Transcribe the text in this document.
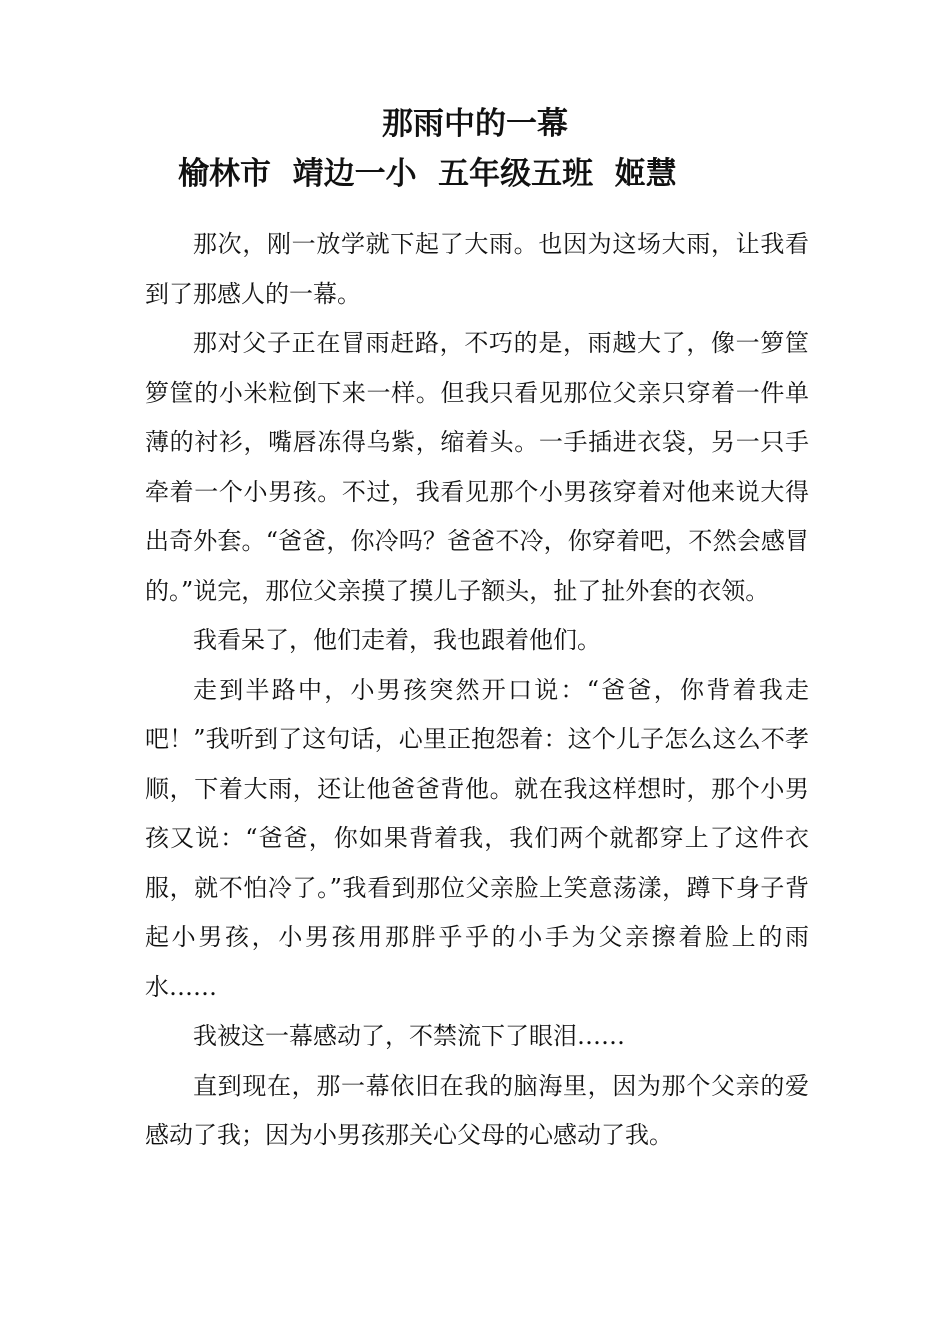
那雨中的一幕
榆林市  靖边一小  五年级五班  姬慧

那次，刚一放学就下起了大雨。也因为这场大雨，让我看到了那感人的一幕。

那对父子正在冒雨赶路，不巧的是，雨越大了，像一箩筐箩筐的小米粒倒下来一样。但我只看见那位父亲只穿着一件单薄的衬衫，嘴唇冻得乌紫，缩着头。一手插进衣袋，另一只手牵着一个小男孩。不过，我看见那个小男孩穿着对他来说大得出奇外套。“爸爸，你冷吗？爸爸不冷，你穿着吧，不然会感冒的。”说完，那位父亲摸了摸儿子额头，扯了扯外套的衣领。

我看呆了，他们走着，我也跟着他们。

走到半路中，小男孩突然开口说：“爸爸，你背着我走吧！”我听到了这句话，心里正抱怨着：这个儿子怎么这么不孝顺，下着大雨，还让他爸爸背他。就在我这样想时，那个小男孩又说：“爸爸，你如果背着我，我们两个就都穿上了这件衣服，就不怕冷了。”我看到那位父亲脸上笑意荡漾，蹲下身子背起小男孩，小男孩用那胖乎乎的小手为父亲擦着脸上的雨水……

我被这一幕感动了，不禁流下了眼泪……

直到现在，那一幕依旧在我的脑海里，因为那个父亲的爱感动了我；因为小男孩那关心父母的心感动了我。
